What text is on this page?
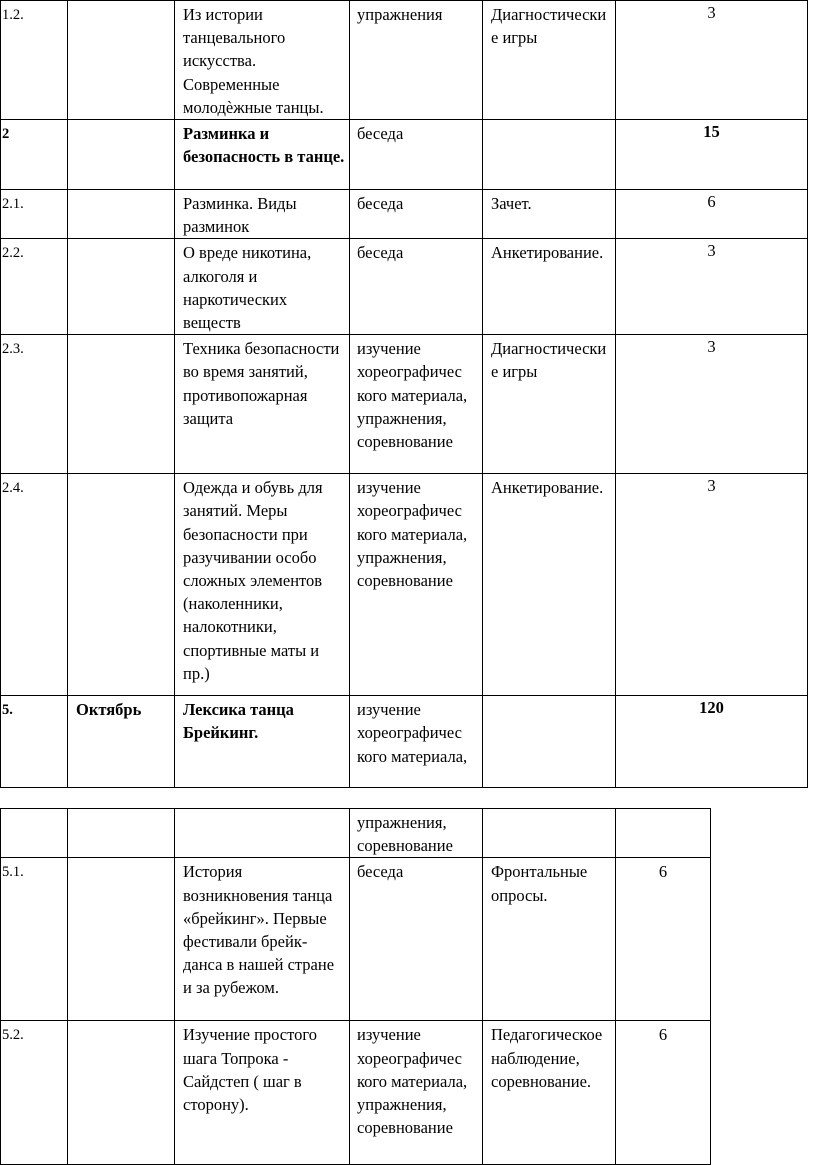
1.2.		Из истории танцевального искусства. Современные молодѐжные танцы.	упражнения	Диагностически е игры	3
2		Разминка и безопасность в танце.	беседа		15
2.1.		Разминка. Виды разминок	беседа	Зачет.	6
2.2.		О вреде никотина, алкоголя и наркотических веществ	беседа	Анкетирование.	3
2.3.		Техника безопасности во время занятий, противопожарная защита	изучение хореографичес кого материала, упражнения, соревнование	Диагностически е игры	3
2.4.		Одежда и обувь для занятий. Меры безопасности при разучивании особо сложных элементов (наколенники, налокотники, спортивные маты и пр.)	изучение хореографичес кого материала, упражнения, соревнование	Анкетирование.	3
5.	Октябрь	Лексика танца Брейкинг.	изучение хореографичес кого материала,		120
			упражнения, соревнование		
5.1.		История возникновения танца «брейкинг». Первые фестивали брейк-данса в нашей стране и за рубежом.	беседа	Фронтальные опросы.	6
5.2.		Изучение простого шага Топрока - Сайдстеп ( шаг в сторону).	изучение хореографичес кого материала, упражнения, соревнование	Педагогическое наблюдение, соревнование.	6
